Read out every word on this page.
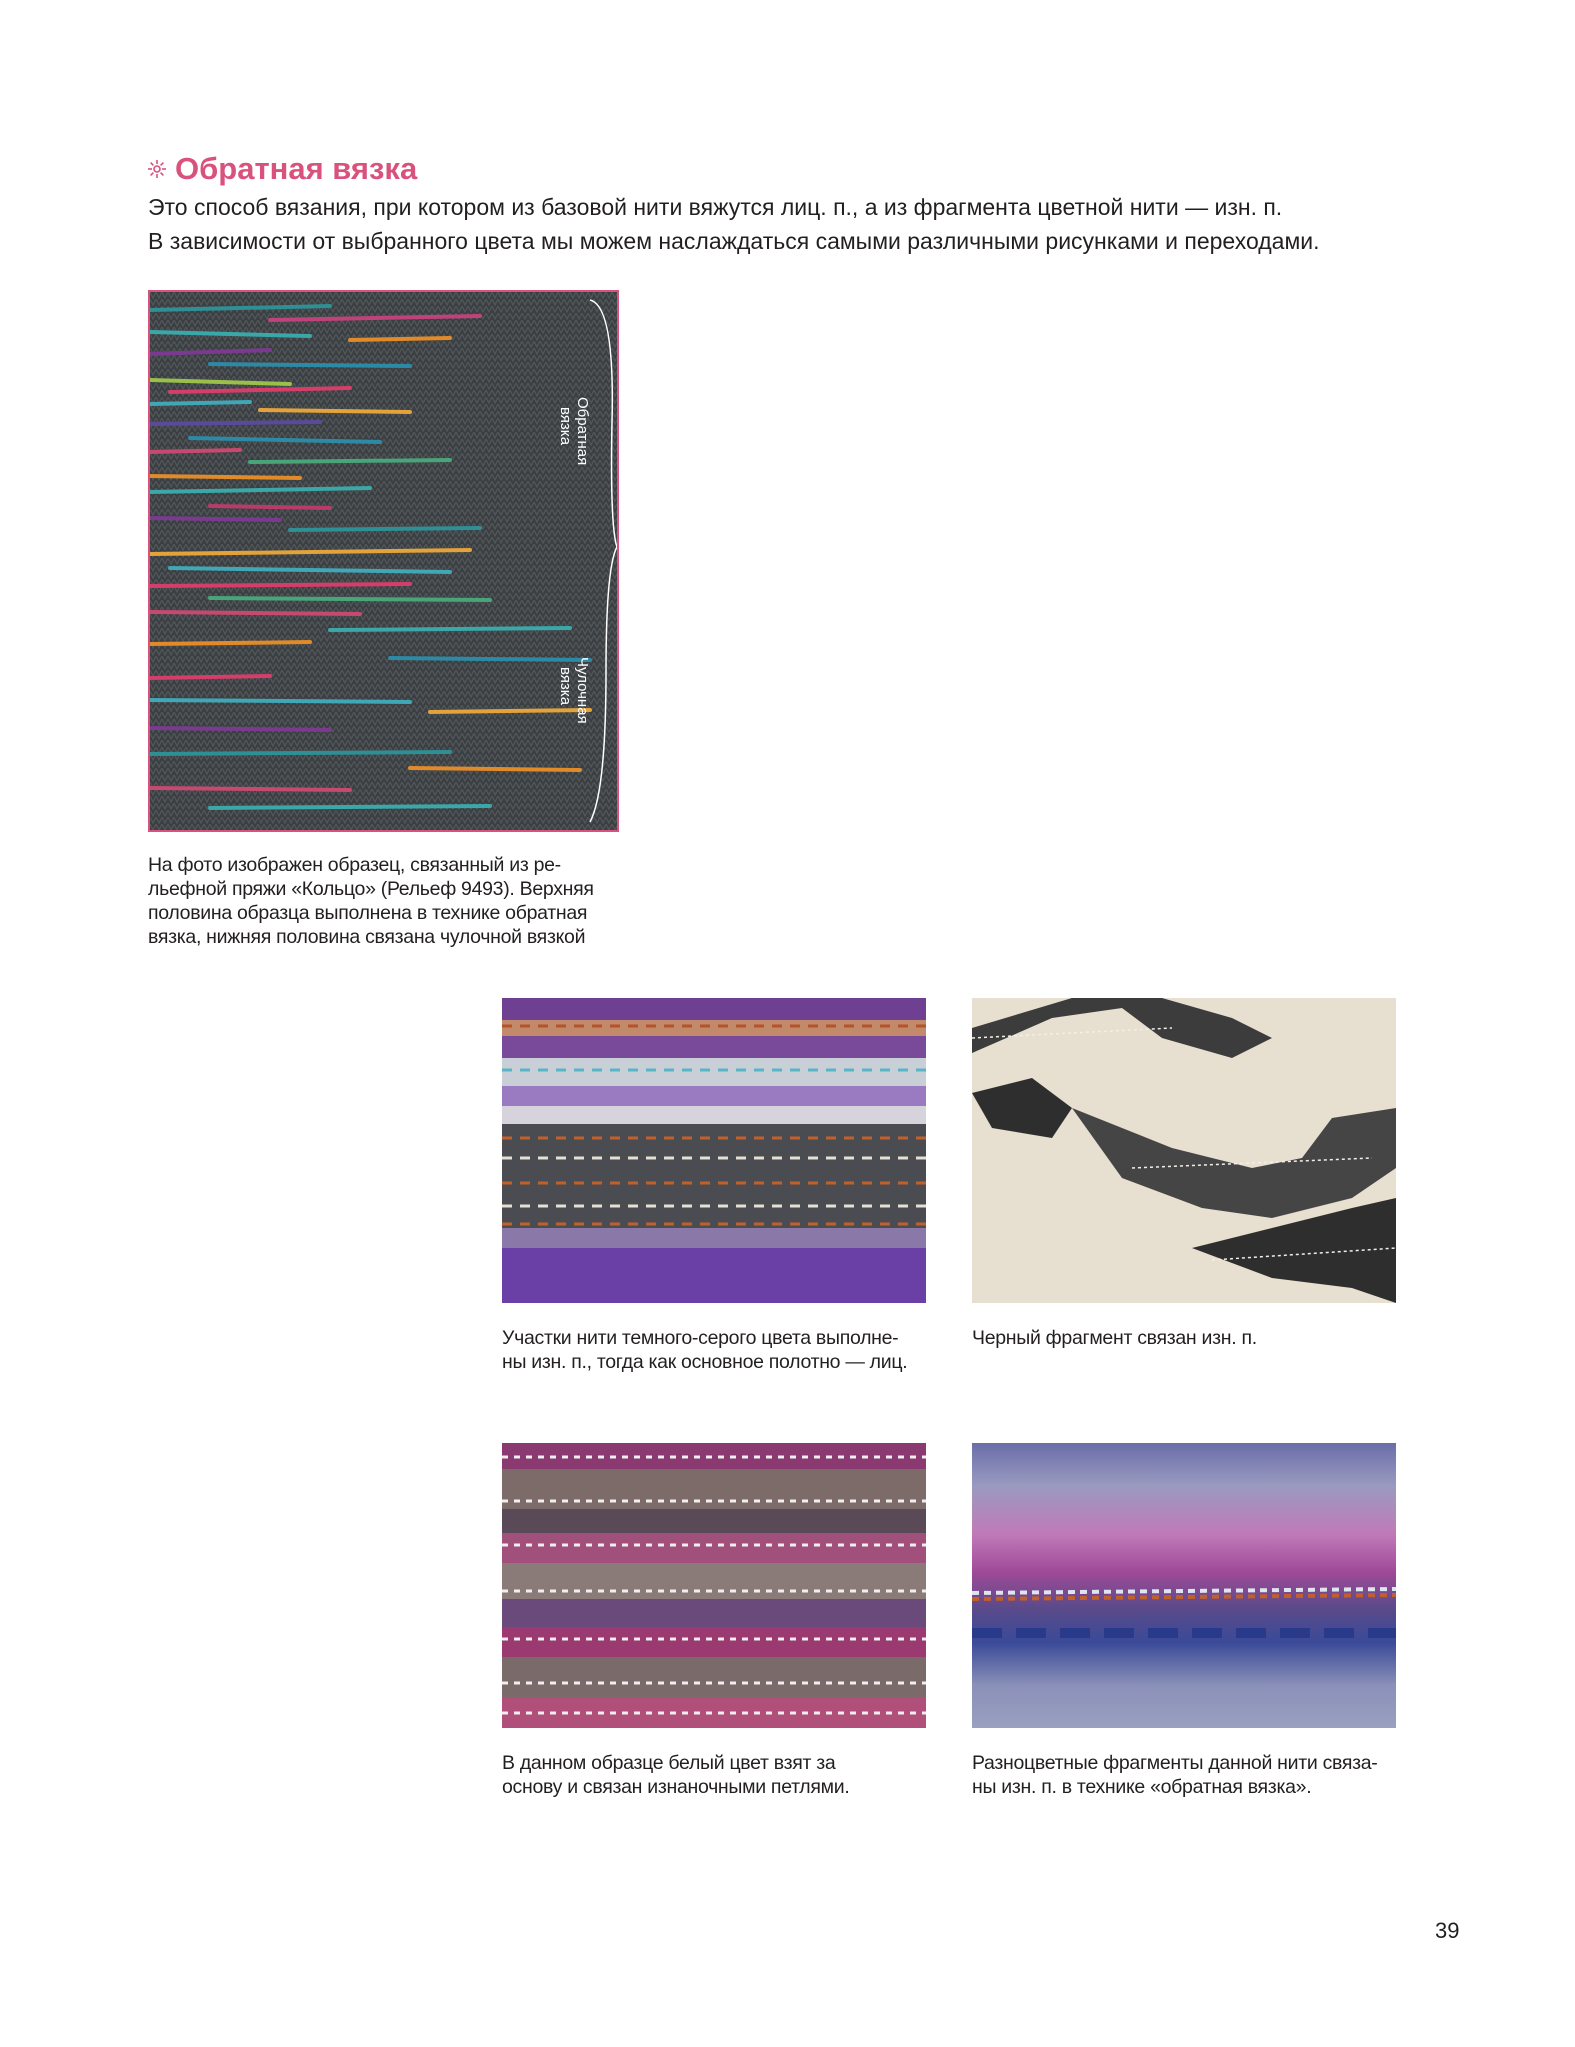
Обратная вязка

Это способ вязания, при котором из базовой нити вяжутся лиц. п., а из фрагмента цветной нити — изн. п.

В зависимости от выбранного цвета мы можем наслаждаться самыми различными рисунками и переходами.

Обратная
вязка
Чулочная
вязка
На фото изображен образец, связанный из ре-
льефной пряжи «Кольцо» (Рельеф 9493). Верхняя
половина образца выполнена в технике обратная
вязка, нижняя половина связана чулочной вязкой
Участки нити темного-серого цвета выполне-
ны изн. п., тогда как основное полотно — лиц.
Черный фрагмент связан изн. п.
В данном образце белый цвет взят за
основу и связан изнаночными петлями.
Разноцветные фрагменты данной нити связа-
ны изн. п. в технике «обратная вязка».
39
